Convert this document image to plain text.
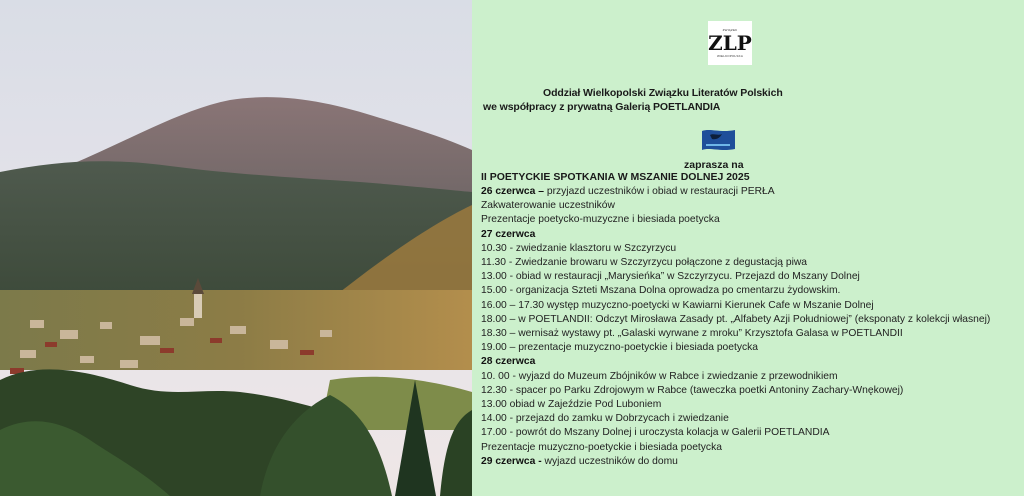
ZWIĄZEK
ZLP
WIELKOPOLSKA
Oddział Wielkopolski Związku Literatów Polskich
we współpracy z prywatną Galerią POETLANDIA
zaprasza na
II POETYCKIE SPOTKANIA W MSZANIE DOLNEJ 2025
26 czerwca – przyjazd uczestników i obiad w restauracji PERŁA
Zakwaterowanie uczestników
Prezentacje poetycko-muzyczne i biesiada poetycka
27 czerwca
10.30 - zwiedzanie klasztoru w Szczyrzycu
11.30 - Zwiedzanie browaru w Szczyrzycu połączone z degustacją piwa
13.00 - obiad w restauracji „Marysieńka” w Szczyrzycu. Przejazd do Mszany Dolnej
15.00 - organizacja Szteti Mszana Dolna oprowadza po cmentarzu żydowskim.
16.00 – 17.30 występ muzyczno-poetycki w Kawiarni Kierunek Cafe w Mszanie Dolnej
18.00 – w POETLANDII: Odczyt Mirosława Zasady pt. „Alfabety Azji Południowej” (eksponaty z kolekcji własnej)
18.30 – wernisaż wystawy pt. „Galaski wyrwane z mroku” Krzysztofa Galasa w POETLANDII
19.00 – prezentacje muzyczno-poetyckie i biesiada poetycka
28 czerwca
10. 00 - wyjazd do Muzeum Zbójników w Rabce i zwiedzanie z przewodnikiem
12.30 - spacer po Parku Zdrojowym w Rabce (taweczka poetki Antoniny Zachary-Wnękowej)
13.00 obiad w Zajeździe Pod Luboniem
14.00 - przejazd do zamku w Dobrzycach i zwiedzanie
17.00 - powrót do Mszany Dolnej i uroczysta kolacja w Galerii POETLANDIA
Prezentacje muzyczno-poetyckie i biesiada poetycka
29 czerwca - wyjazd uczestników do domu
